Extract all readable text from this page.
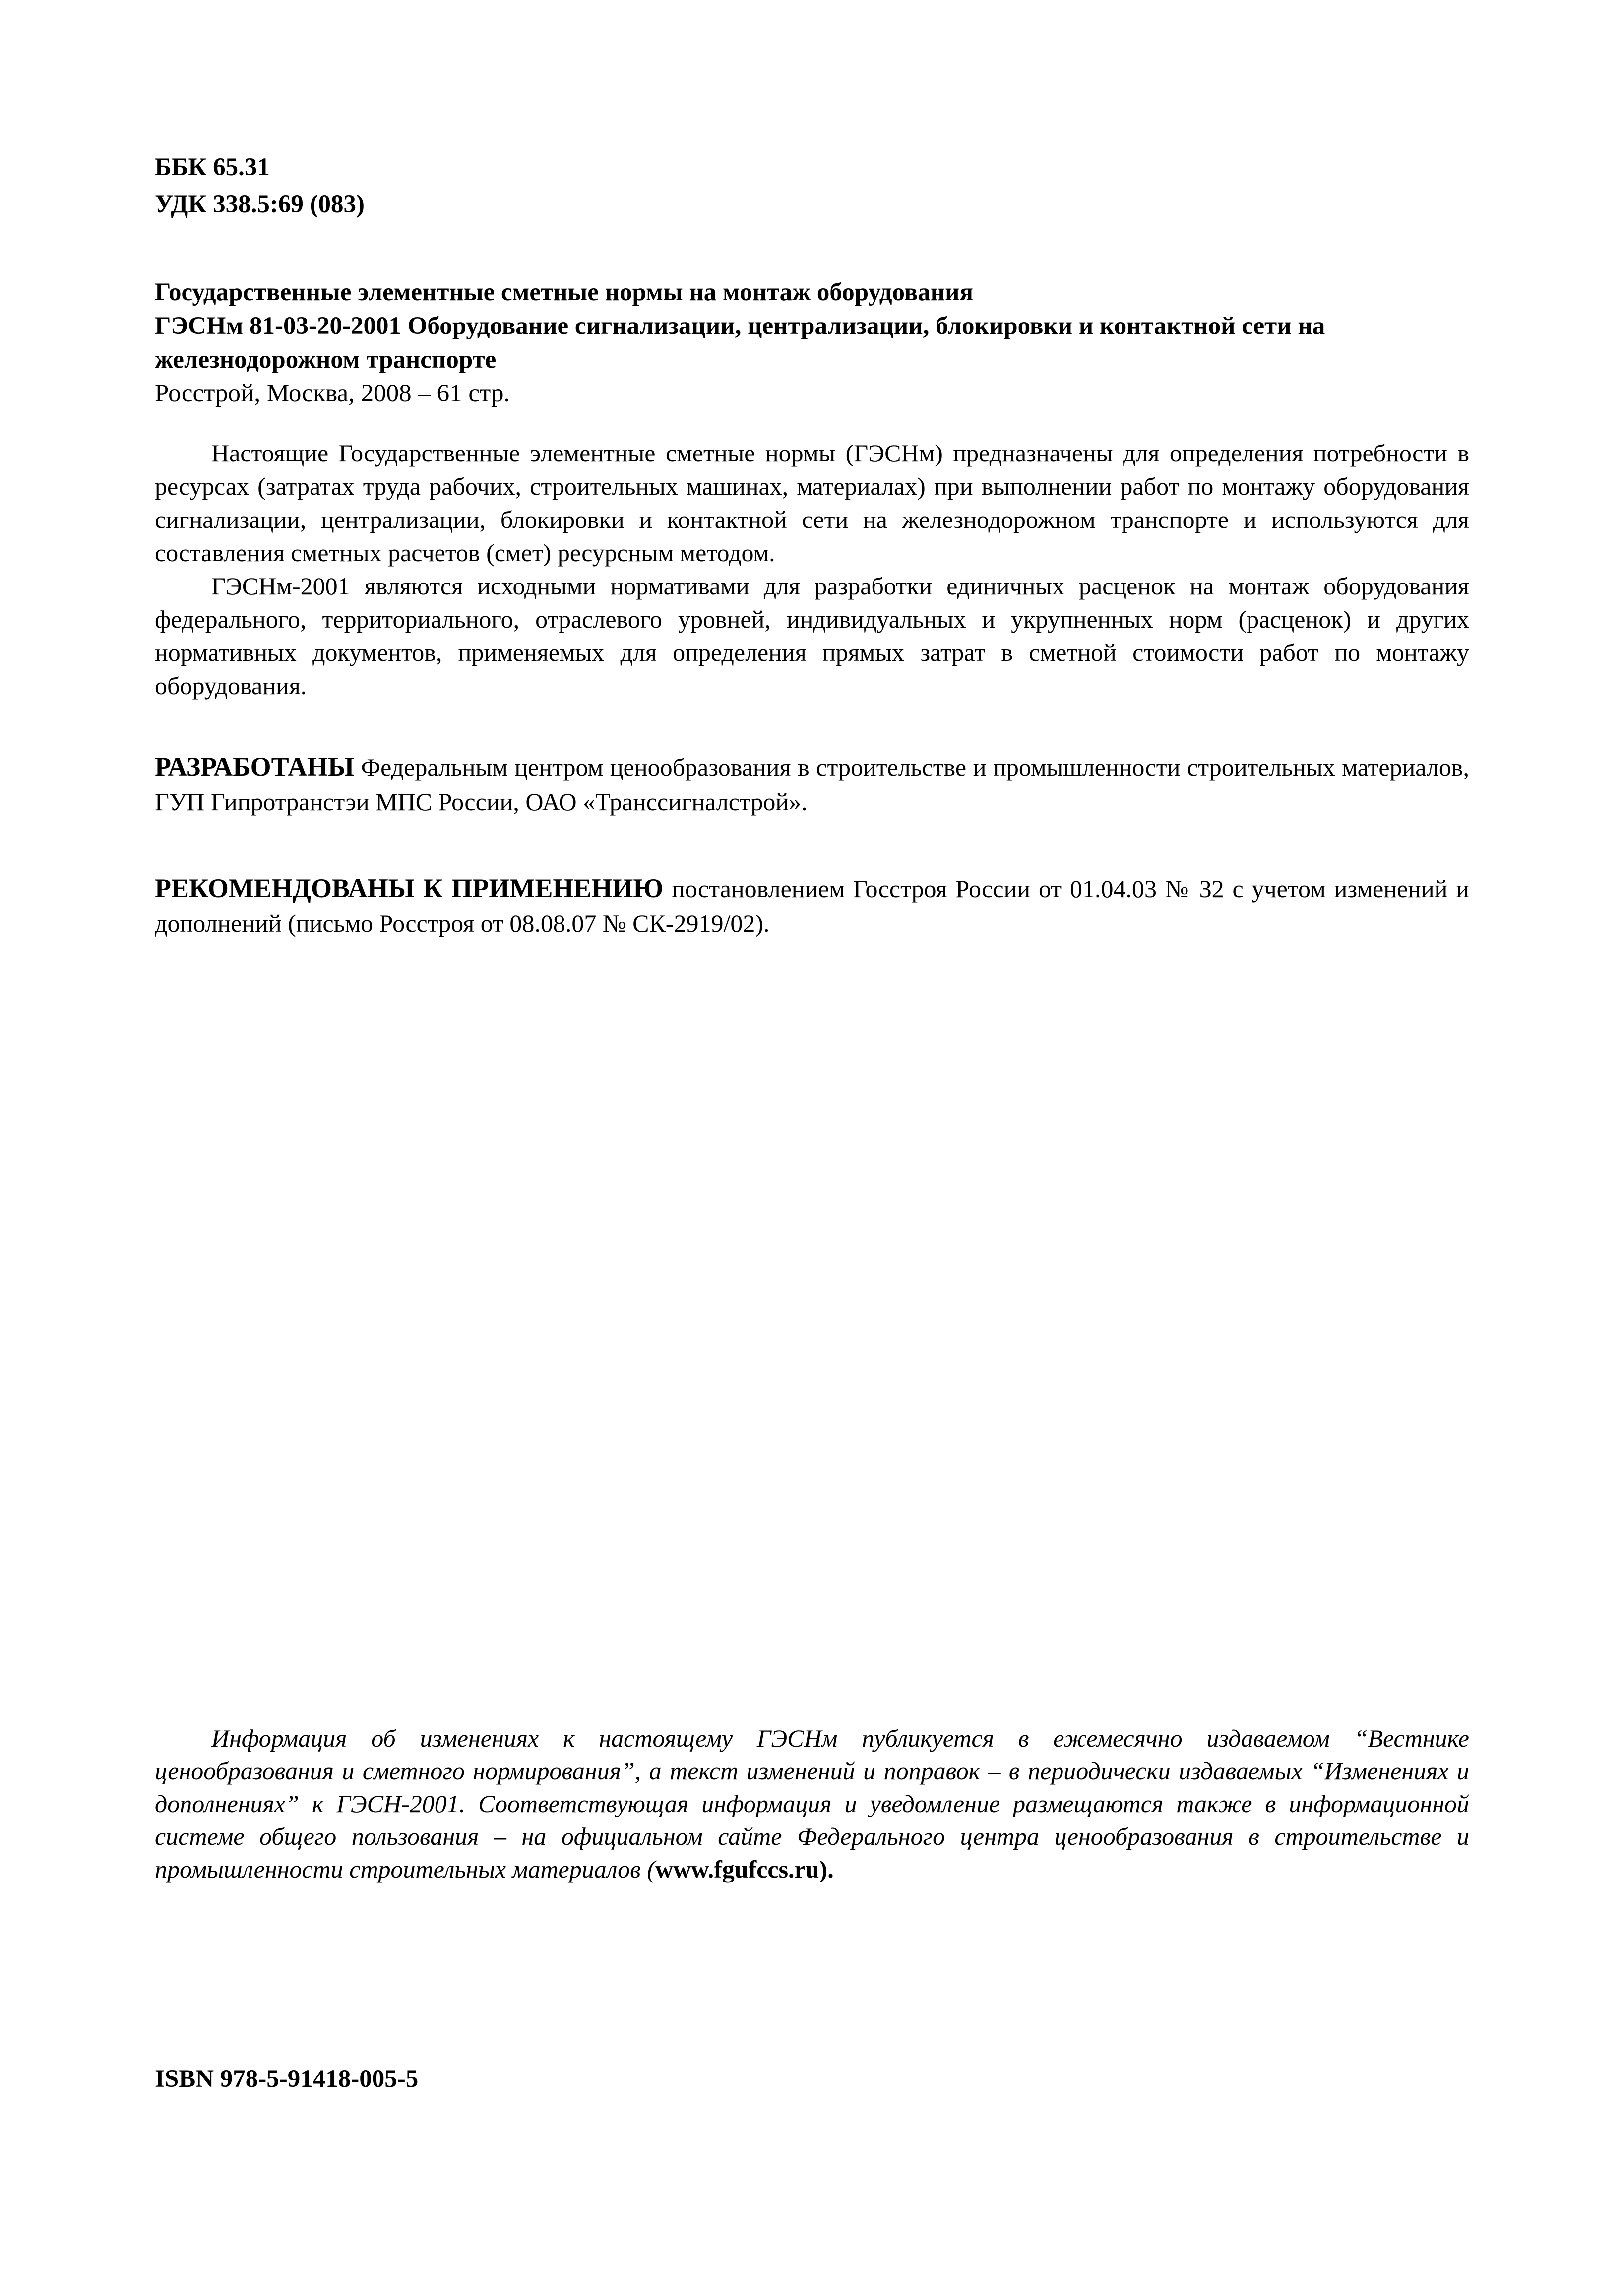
ББК 65.31
УДК 338.5:69 (083)
Государственные элементные сметные нормы на монтаж оборудования
ГЭСНм 81-03-20-2001 Оборудование сигнализации, централизации, блокировки и контактной сети на железнодорожном транспорте
Росстрой, Москва, 2008 – 61 стр.

Настоящие Государственные элементные сметные нормы (ГЭСНм) предназначены для определения потребности в ресурсах (затратах труда рабочих, строительных машинах, материалах) при выполнении работ по монтажу оборудования сигнализации, централизации, блокировки и контактной сети на железнодорожном транспорте и используются для составления сметных расчетов (смет) ресурсным методом.

ГЭСНм-2001 являются исходными нормативами для разработки единичных расценок на монтаж оборудования федерального, территориального, отраслевого уровней, индивидуальных и укрупненных норм (расценок) и других нормативных документов, применяемых для определения прямых затрат в сметной стоимости работ по монтажу оборудования.

РАЗРАБОТАНЫ Федеральным центром ценообразования в строительстве и промышленности строительных материалов, ГУП Гипротранстэи МПС России, ОАО «Транссигналстрой».
РЕКОМЕНДОВАНЫ К ПРИМЕНЕНИЮ постановлением Госстроя России от 01.04.03 № 32 с учетом изменений и дополнений (письмо Росстроя от 08.08.07 № СК-2919/02).

Информация об изменениях к настоящему ГЭСНм публикуется в ежемесячно издаваемом “Вестнике ценообразования и сметного нормирования”, а текст изменений и поправок – в периодически издаваемых “Изменениях и дополнениях” к ГЭСН-2001. Соответствующая информация и уведомление размещаются также в информационной системе общего пользования – на официальном сайте Федерального центра ценообразования в строительстве и промышленности строительных материалов (www.fgufccs.ru).

ISBN 978-5-91418-005-5
